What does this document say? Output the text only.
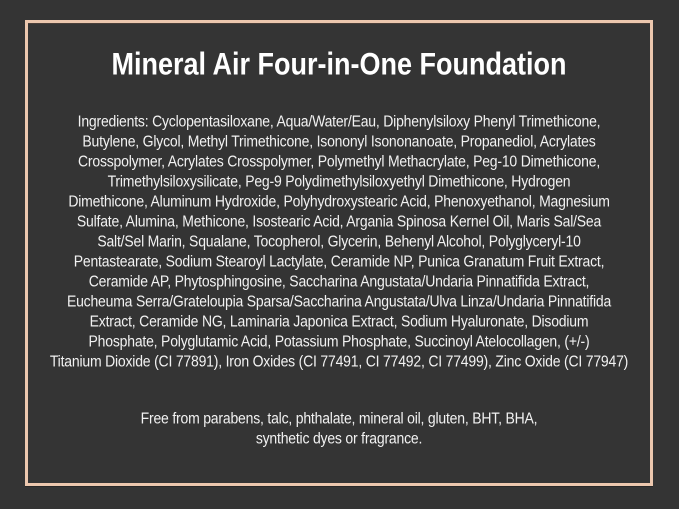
Mineral Air Four-in-One Foundation
Ingredients: Cyclopentasiloxane, Aqua/Water/Eau, Diphenylsiloxy Phenyl Trimethicone,
Butylene, Glycol, Methyl Trimethicone, Isononyl Isononanoate, Propanediol, Acrylates
Crosspolymer, Acrylates Crosspolymer, Polymethyl Methacrylate, Peg-10 Dimethicone,
Trimethylsiloxysilicate, Peg-9 Polydimethylsiloxyethyl Dimethicone, Hydrogen
Dimethicone, Aluminum Hydroxide, Polyhydroxystearic Acid, Phenoxyethanol, Magnesium
Sulfate, Alumina, Methicone, Isostearic Acid, Argania Spinosa Kernel Oil, Maris Sal/Sea
Salt/Sel Marin, Squalane, Tocopherol, Glycerin, Behenyl Alcohol, Polyglyceryl-10
Pentastearate, Sodium Stearoyl Lactylate, Ceramide NP, Punica Granatum Fruit Extract,
Ceramide AP, Phytosphingosine, Saccharina Angustata/Undaria Pinnatifida Extract,
Eucheuma Serra/Grateloupia Sparsa/Saccharina Angustata/Ulva Linza/Undaria Pinnatifida
Extract, Ceramide NG, Laminaria Japonica Extract, Sodium Hyaluronate, Disodium
Phosphate, Polyglutamic Acid, Potassium Phosphate, Succinoyl Atelocollagen, (+/-)
Titanium Dioxide (CI 77891), Iron Oxides (CI 77491, CI 77492, CI 77499), Zinc Oxide (CI 77947)
Free from parabens, talc, phthalate, mineral oil, gluten, BHT, BHA,
synthetic dyes or fragrance.
